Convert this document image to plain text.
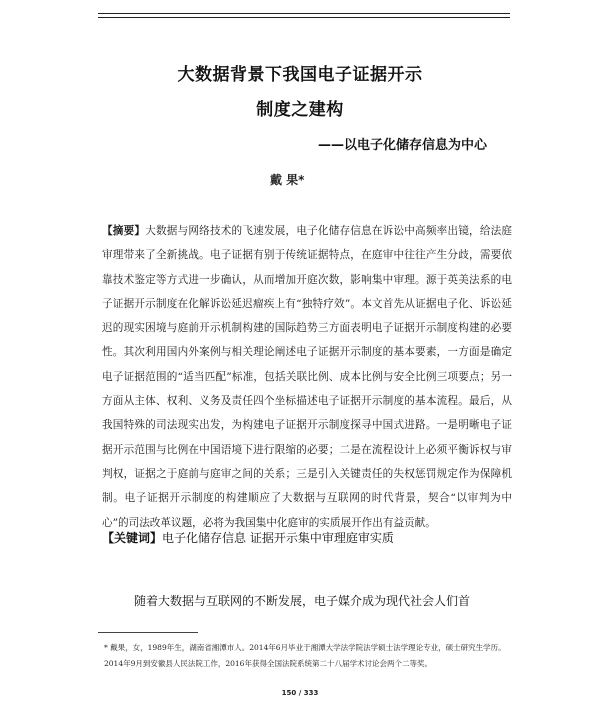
大数据背景下我国电子证据开示
制度之建构
——以电子化储存信息为中心
戴 果*
【摘要】大数据与网络技术的飞速发展，电子化储存信息在诉讼中高频率出镜，给法庭审理带来了全新挑战。电子证据有别于传统证据特点，在庭审中往往产生分歧，需要依靠技术鉴定等方式进一步确认，从而增加开庭次数，影响集中审理。源于英美法系的电子证据开示制度在化解诉讼延迟瘤疾上有“独特疗效”。本文首先从证据电子化、诉讼延迟的现实困境与庭前开示机制构建的国际趋势三方面表明电子证据开示制度构建的必要性。其次利用国内外案例与相关理论阐述电子证据开示制度的基本要素，一方面是确定电子证据范围的“适当匹配”标准，包括关联比例、成本比例与安全比例三项要点；另一方面从主体、权利、义务及责任四个坐标描述电子证据开示制度的基本流程。最后，从我国特殊的司法现实出发，为构建电子证据开示制度探寻中国式进路。一是明晰电子证据开示范围与比例在中国语境下进行限缩的必要；二是在流程设计上必须平衡诉权与审判权，证据之于庭前与庭审之间的关系；三是引入关键责任的失权惩罚规定作为保障机制。电子证据开示制度的构建顺应了大数据与互联网的时代背景，契合“以审判为中心”的司法改革议题，必将为我国集中化庭审的实质展开作出有益贡献。
【关键词】电子化储存信息 证据开示集中审理庭审实质
随着大数据与互联网的不断发展，电子媒介成为现代社会人们首
* 戴果，女，1989年生，湖南省湘潭市人。2014年6月毕业于湘潭大学法学院法学硕士法学理论专业，硕士研究生学历。2014年9月到安徽县人民法院工作，2016年获得全国法院系统第二十八届学术讨论会两个二等奖。
150 / 333
